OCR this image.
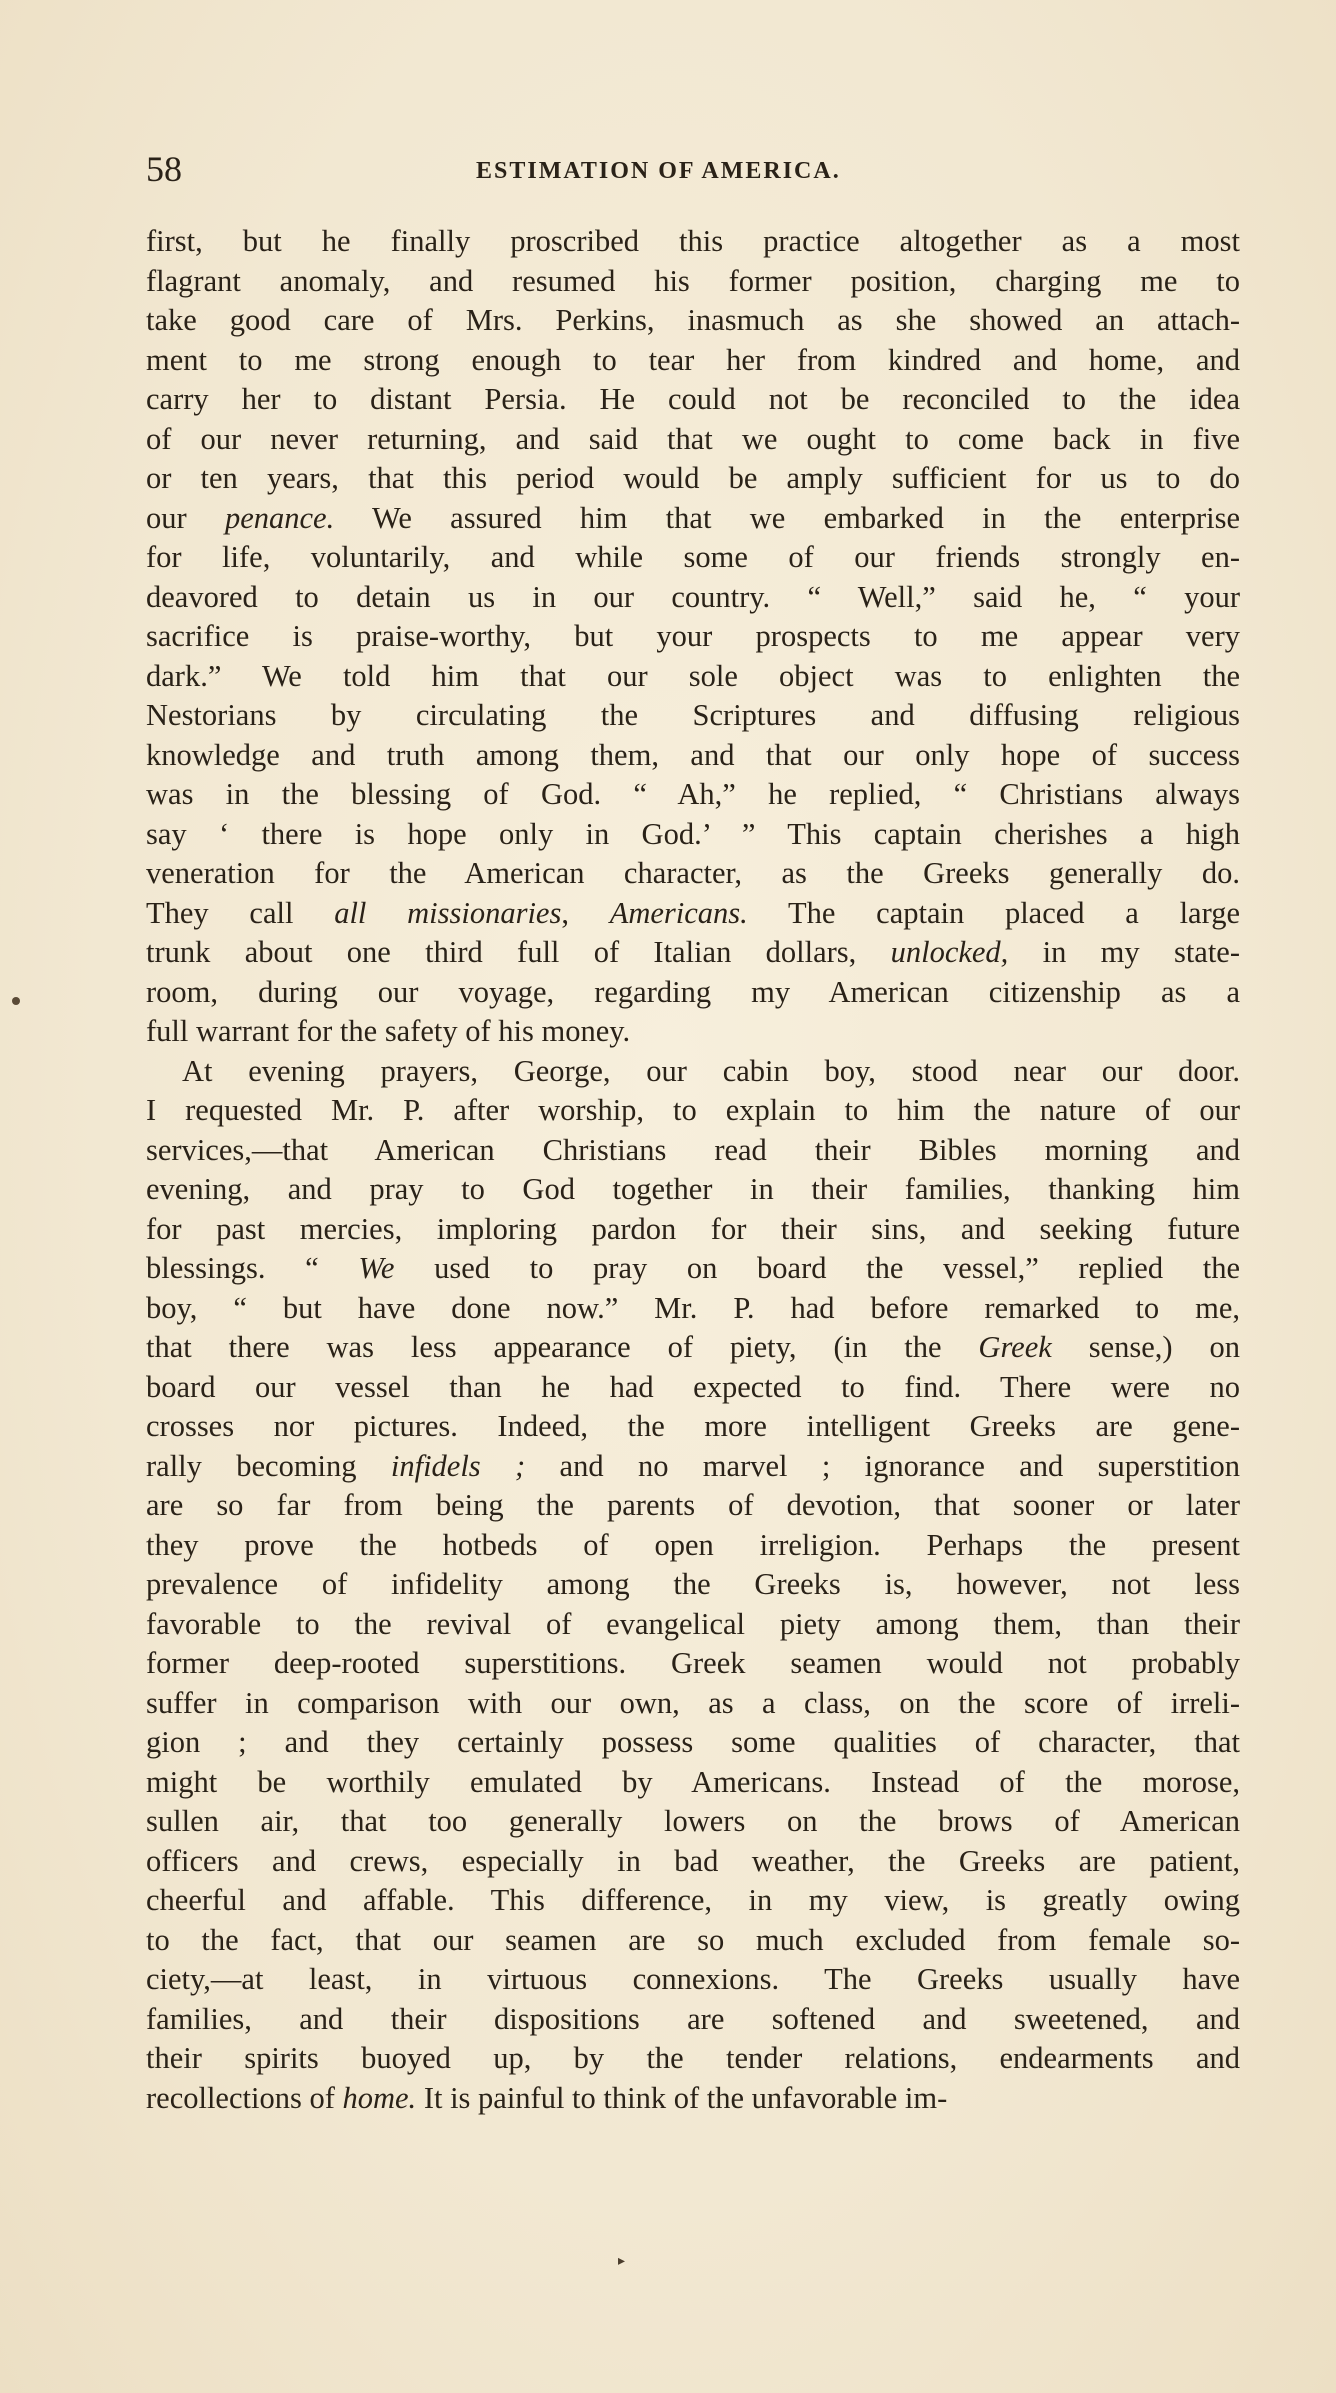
58	ESTIMATION OF AMERICA.
first, but he finally proscribed this practice altogether as a most
flagrant anomaly, and resumed his former position, charging me to
take good care of Mrs. Perkins, inasmuch as she showed an attach-
ment to me strong enough to tear her from kindred and home, and
carry her to distant Persia. He could not be reconciled to the idea
of our never returning, and said that we ought to come back in five
or ten years, that this period would be amply sufficient for us to do
our penance. We assured him that we embarked in the enterprise
for life, voluntarily, and while some of our friends strongly en-
deavored to detain us in our country. “ Well,” said he, “ your
sacrifice is praise-worthy, but your prospects to me appear very
dark.” We told him that our sole object was to enlighten the
Nestorians by circulating the Scriptures and diffusing religious
knowledge and truth among them, and that our only hope of success
was in the blessing of God. “ Ah,” he replied, “ Christians always
say ‘ there is hope only in God.’ ” This captain cherishes a high
veneration for the American character, as the Greeks generally do.
They call all missionaries, Americans. The captain placed a large
trunk about one third full of Italian dollars, unlocked, in my state-
room, during our voyage, regarding my American citizenship as a
full warrant for the safety of his money.
At evening prayers, George, our cabin boy, stood near our door.
I requested Mr. P. after worship, to explain to him the nature of our
services,—that American Christians read their Bibles morning and
evening, and pray to God together in their families, thanking him
for past mercies, imploring pardon for their sins, and seeking future
blessings. “ We used to pray on board the vessel,” replied the
boy, “ but have done now.” Mr. P. had before remarked to me,
that there was less appearance of piety, (in the Greek sense,) on
board our vessel than he had expected to find. There were no
crosses nor pictures. Indeed, the more intelligent Greeks are gene-
rally becoming infidels ; and no marvel ; ignorance and superstition
are so far from being the parents of devotion, that sooner or later
they prove the hotbeds of open irreligion. Perhaps the present
prevalence of infidelity among the Greeks is, however, not less
favorable to the revival of evangelical piety among them, than their
former deep-rooted superstitions. Greek seamen would not probably
suffer in comparison with our own, as a class, on the score of irreli-
gion ; and they certainly possess some qualities of character, that
might be worthily emulated by Americans. Instead of the morose,
sullen air, that too generally lowers on the brows of American
officers and crews, especially in bad weather, the Greeks are patient,
cheerful and affable. This difference, in my view, is greatly owing
to the fact, that our seamen are so much excluded from female so-
ciety,—at least, in virtuous connexions. The Greeks usually have
families, and their dispositions are softened and sweetened, and
their spirits buoyed up, by the tender relations, endearments and
recollections of home. It is painful to think of the unfavorable im-
▸
